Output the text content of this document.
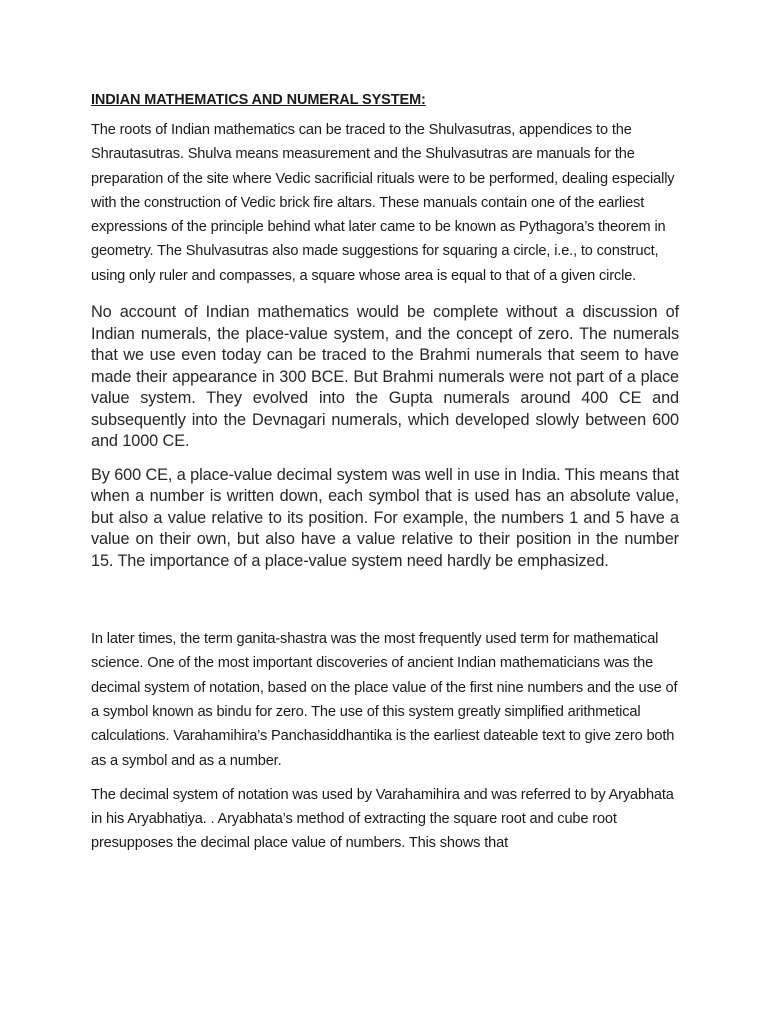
INDIAN MATHEMATICS AND NUMERAL SYSTEM:

The roots of Indian mathematics can be traced to the Shulvasutras, appendices to the Shrautasutras. Shulva means measurement and the Shulvasutras are manuals for the preparation of the site where Vedic sacrificial rituals were to be performed, dealing especially with the construction of Vedic brick fire altars. These manuals contain one of the earliest expressions of the principle behind what later came to be known as Pythagora’s theorem in geometry. The Shulvasutras also made suggestions for squaring a circle, i.e., to construct, using only ruler and compasses, a square whose area is equal to that of a given circle.

No account of Indian mathematics would be complete without a discussion of Indian numerals, the place-value system, and the concept of zero. The numerals that we use even today can be traced to the Brahmi numerals that seem to have made their appearance in 300 BCE. But Brahmi numerals were not part of a place value system. They evolved into the Gupta numerals around 400 CE and subsequently into the Devnagari numerals, which developed slowly between 600 and 1000 CE.

By 600 CE, a place-value decimal system was well in use in India. This means that when a number is written down, each symbol that is used has an absolute value, but also a value relative to its position. For example, the numbers 1 and 5 have a value on their own, but also have a value relative to their position in the number 15. The importance of a place-value system need hardly be emphasized.

In later times, the term ganita-shastra was the most frequently used term for mathematical science. One of the most important discoveries of ancient Indian mathematicians was the decimal system of notation, based on the place value of the first nine numbers and the use of a symbol known as bindu for zero. The use of this system greatly simplified arithmetical calculations. Varahamihira’s Panchasiddhantika is the earliest dateable text to give zero both as a symbol and as a number.

The decimal system of notation was used by Varahamihira and was referred to by Aryabhata in his Aryabhatiya. . Aryabhata’s method of extracting the square root and cube root presupposes the decimal place value of numbers. This shows that
